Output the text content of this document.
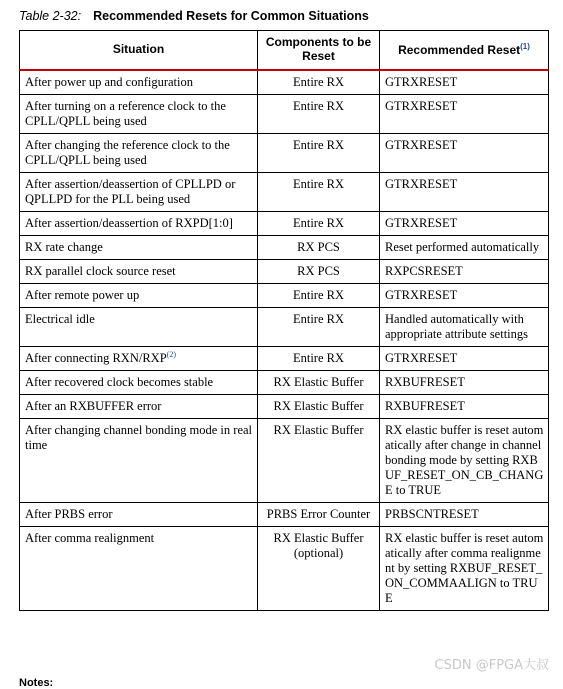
Table 2-32: Recommended Resets for Common Situations
Situation	Components to be Reset	Recommended Reset$^{(1)}$
After power up and configuration	Entire RX	GTRXRESET
After turning on a reference clock to the CPLL/QPLL being used	Entire RX	GTRXRESET
After changing the reference clock to the CPLL/QPLL being used	Entire RX	GTRXRESET
After assertion/deassertion of CPLLPD or QPLLPD for the PLL being used	Entire RX	GTRXRESET
After assertion/deassertion of RXPD[1:0]	Entire RX	GTRXRESET
RX rate change	RX PCS	Reset performed automatically
RX parallel clock source reset	RX PCS	RXPCSRESET
After remote power up	Entire RX	GTRXRESET
Electrical idle	Entire RX	Handled automatically with appropriate attribute settings
After connecting RXN/RXP$^{(2)}$	Entire RX	GTRXRESET
After recovered clock becomes stable	RX Elastic Buffer	RXBUFRESET
After an RXBUFFER error	RX Elastic Buffer	RXBUFRESET
After changing channel bonding mode in real time	RX Elastic Buffer	RX elastic buffer is reset automatically after change in channel bonding mode by setting RXBUF_RESET_ON_CB_CHANGE to TRUE
After PRBS error	PRBS Error Counter	PRBSCNTRESET
After comma realignment	RX Elastic Buffer (optional)	RX elastic buffer is reset automatically after comma realignment by setting RXBUF_RESET_ON_COMMAALIGN to TRUE
CSDN @FPGA大叔
Notes:
